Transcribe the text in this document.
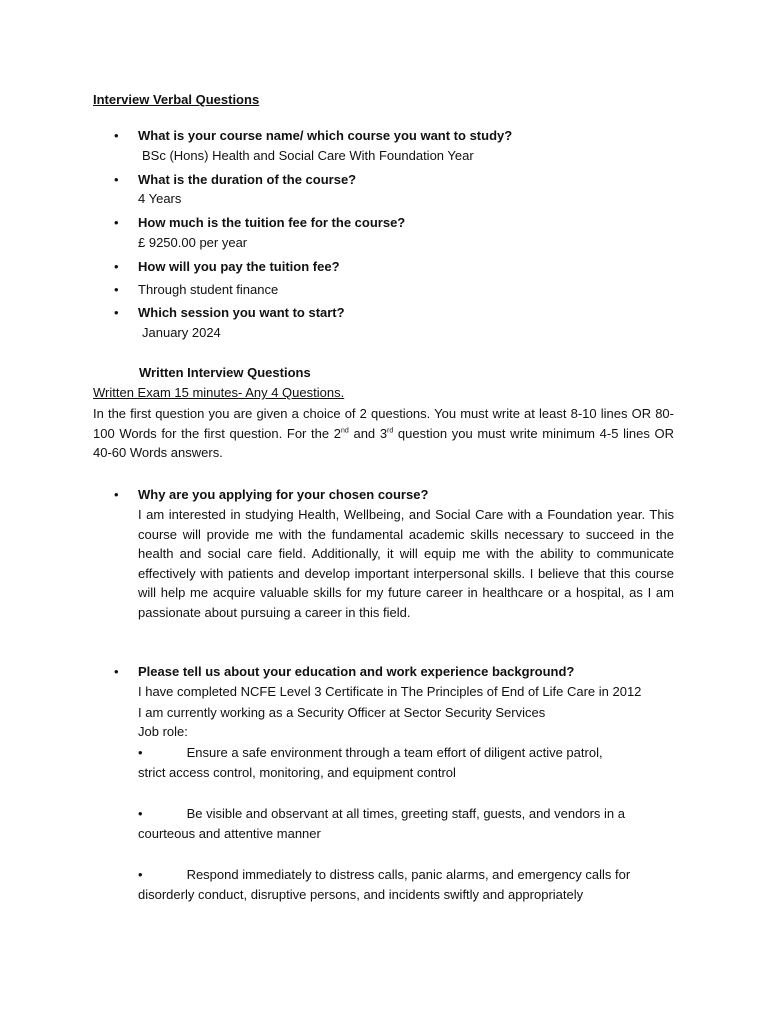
Interview Verbal Questions
• What is your course name/ which course you want to study?
BSc (Hons) Health and Social Care With Foundation Year
• What is the duration of the course?
4 Years
• How much is the tuition fee for the course?
£ 9250.00 per year
• How will you pay the tuition fee?
• Through student finance
• Which session you want to start?
January 2024
Written Interview Questions
Written Exam 15 minutes- Any 4 Questions.
In the first question you are given a choice of 2 questions. You must write at least 8-10 lines OR 80-100 Words for the first question. For the 2nd and 3rd question you must write minimum 4-5 lines OR 40-60 Words answers.
• Why are you applying for your chosen course?
I am interested in studying Health, Wellbeing, and Social Care with a Foundation year. This course will provide me with the fundamental academic skills necessary to succeed in the health and social care field. Additionally, it will equip me with the ability to communicate effectively with patients and develop important interpersonal skills. I believe that this course will help me acquire valuable skills for my future career in healthcare or a hospital, as I am passionate about pursuing a career in this field.
• Please tell us about your education and work experience background?
I have completed NCFE Level 3 Certificate in The Principles of End of Life Care in 2012
I am currently working as a Security Officer at Sector Security Services
Job role:
•	Ensure a safe environment through a team effort of diligent active patrol,
strict access control, monitoring, and equipment control
•	Be visible and observant at all times, greeting staff, guests, and vendors in a
courteous and attentive manner
•	Respond immediately to distress calls, panic alarms, and emergency calls for
disorderly conduct, disruptive persons, and incidents swiftly and appropriately
